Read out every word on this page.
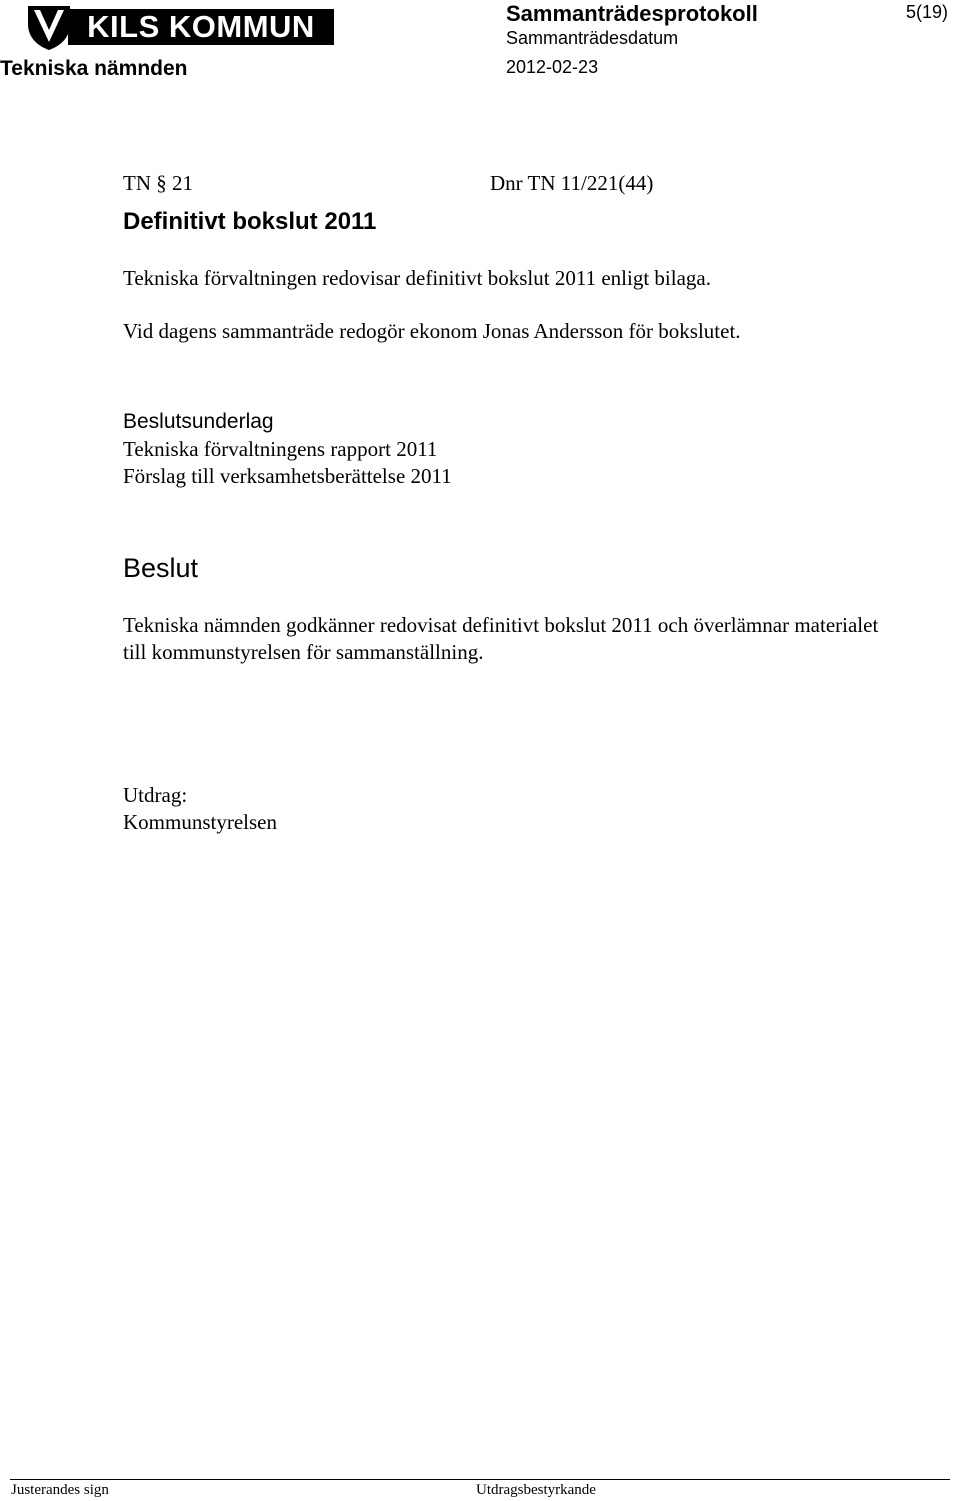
KILS KOMMUN
Tekniska nämnden
Sammanträdesprotokoll
Sammanträdesdatum
2012-02-23
5(19)
TN § 21	Dnr TN 11/221(44)
Definitivt bokslut 2011
Tekniska förvaltningen redovisar definitivt bokslut 2011 enligt bilaga.
Vid dagens sammanträde redogör ekonom Jonas Andersson för bokslutet.
Beslutsunderlag
Tekniska förvaltningens rapport 2011
Förslag till verksamhetsberättelse 2011
Beslut
Tekniska nämnden godkänner redovisat definitivt bokslut 2011 och överlämnar materialet
till kommunstyrelsen för sammanställning.
Utdrag:
Kommunstyrelsen
Justerandes sign	Utdragsbestyrkande
